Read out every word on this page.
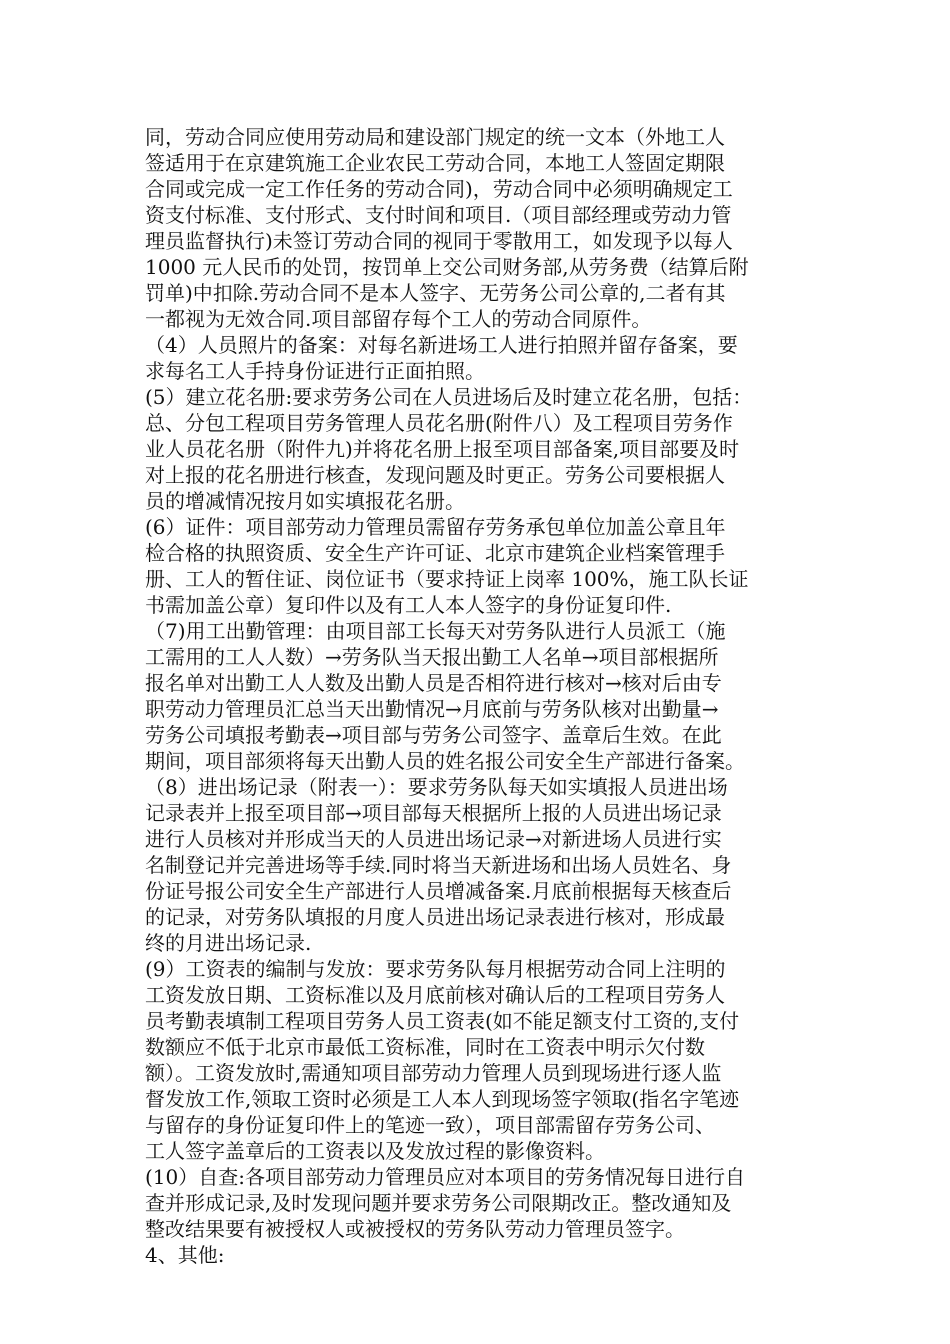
同，劳动合同应使用劳动局和建设部门规定的统一文本（外地工人
签适用于在京建筑施工企业农民工劳动合同，本地工人签固定期限
合同或完成一定工作任务的劳动合同)，劳动合同中必须明确规定工
资支付标准、支付形式、支付时间和项目.（项目部经理或劳动力管
理员监督执行)未签订劳动合同的视同于零散用工，如发现予以每人
1000 元人民币的处罚，按罚单上交公司财务部,从劳务费（结算后附
罚单)中扣除.劳动合同不是本人签字、无劳务公司公章的,二者有其
一都视为无效合同.项目部留存每个工人的劳动合同原件。
（4）人员照片的备案：对每名新进场工人进行拍照并留存备案，要
求每名工人手持身份证进行正面拍照。
(5）建立花名册:要求劳务公司在人员进场后及时建立花名册，包括：
总、分包工程项目劳务管理人员花名册(附件八）及工程项目劳务作
业人员花名册（附件九)并将花名册上报至项目部备案,项目部要及时
对上报的花名册进行核查，发现问题及时更正。劳务公司要根据人
员的增减情况按月如实填报花名册。
(6）证件：项目部劳动力管理员需留存劳务承包单位加盖公章且年
检合格的执照资质、安全生产许可证、北京市建筑企业档案管理手
册、工人的暂住证、岗位证书（要求持证上岗率 100%，施工队长证
书需加盖公章）复印件以及有工人本人签字的身份证复印件.
（7)用工出勤管理：由项目部工长每天对劳务队进行人员派工（施
工需用的工人人数）→劳务队当天报出勤工人名单→项目部根据所
报名单对出勤工人人数及出勤人员是否相符进行核对→核对后由专
职劳动力管理员汇总当天出勤情况→月底前与劳务队核对出勤量→
劳务公司填报考勤表→项目部与劳务公司签字、盖章后生效。在此
期间，项目部须将每天出勤人员的姓名报公司安全生产部进行备案。
（8）进出场记录（附表一）：要求劳务队每天如实填报人员进出场
记录表并上报至项目部→项目部每天根据所上报的人员进出场记录
进行人员核对并形成当天的人员进出场记录→对新进场人员进行实
名制登记并完善进场等手续.同时将当天新进场和出场人员姓名、身
份证号报公司安全生产部进行人员增减备案.月底前根据每天核查后
的记录，对劳务队填报的月度人员进出场记录表进行核对，形成最
终的月进出场记录.
(9）工资表的编制与发放：要求劳务队每月根据劳动合同上注明的
工资发放日期、工资标准以及月底前核对确认后的工程项目劳务人
员考勤表填制工程项目劳务人员工资表(如不能足额支付工资的,支付
数额应不低于北京市最低工资标准，同时在工资表中明示欠付数
额）。工资发放时,需通知项目部劳动力管理人员到现场进行逐人监
督发放工作,领取工资时必须是工人本人到现场签字领取(指名字笔迹
与留存的身份证复印件上的笔迹一致），项目部需留存劳务公司、
工人签字盖章后的工资表以及发放过程的影像资料。
(10）自查:各项目部劳动力管理员应对本项目的劳务情况每日进行自
查并形成记录,及时发现问题并要求劳务公司限期改正。整改通知及
整改结果要有被授权人或被授权的劳务队劳动力管理员签字。
4、其他:
